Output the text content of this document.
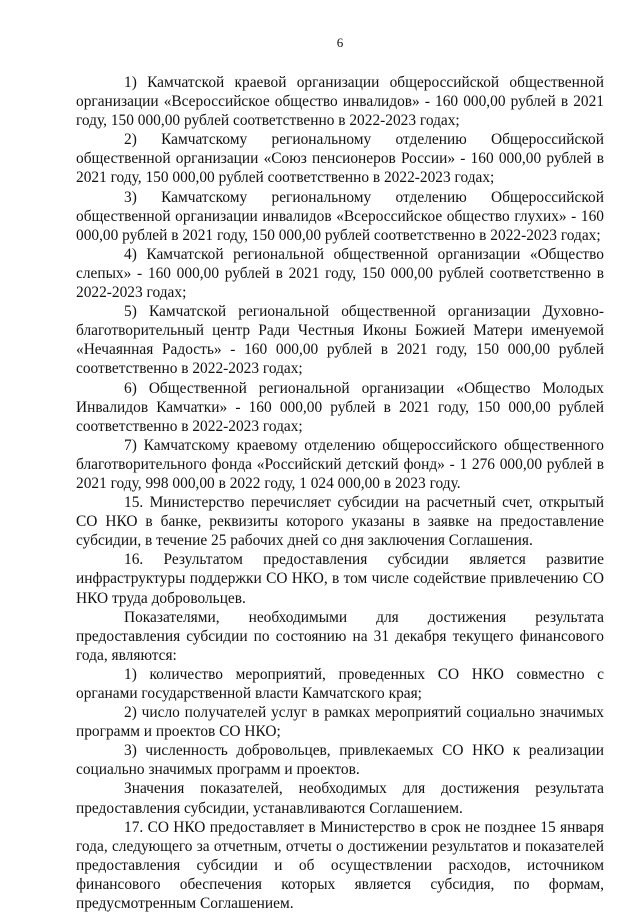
6

1) Камчатской краевой организации общероссийской общественной организации «Всероссийское общество инвалидов» - 160 000,00 рублей в 2021 году, 150 000,00 рублей соответственно в 2022-2023 годах;

2) Камчатскому региональному отделению Общероссийской общественной организации «Союз пенсионеров России» - 160 000,00 рублей в 2021 году, 150 000,00 рублей соответственно в 2022-2023 годах;

3) Камчатскому региональному отделению Общероссийской общественной организации инвалидов «Всероссийское общество глухих» - 160 000,00 рублей в 2021 году, 150 000,00 рублей соответственно в 2022-2023 годах;

4) Камчатской региональной общественной организации «Общество слепых» - 160 000,00 рублей в 2021 году, 150 000,00 рублей соответственно в 2022-2023 годах;

5) Камчатской региональной общественной организации Духовно-благотворительный центр Ради Честныя Иконы Божией Матери именуемой «Нечаянная Радость» - 160 000,00 рублей в 2021 году, 150 000,00 рублей соответственно в 2022-2023 годах;

6) Общественной региональной организации «Общество Молодых Инвалидов Камчатки» - 160 000,00 рублей в 2021 году, 150 000,00 рублей соответственно в 2022-2023 годах;

7) Камчатскому краевому отделению общероссийского общественного благотворительного фонда «Российский детский фонд» - 1 276 000,00 рублей в 2021 году, 998 000,00 в 2022 году, 1 024 000,00 в 2023 году.

15. Министерство перечисляет субсидии на расчетный счет, открытый СО НКО в банке, реквизиты которого указаны в заявке на предоставление субсидии, в течение 25 рабочих дней со дня заключения Соглашения.

16. Результатом предоставления субсидии является развитие инфраструктуры поддержки СО НКО, в том числе содействие привлечению СО НКО труда добровольцев.

Показателями, необходимыми для достижения результата предоставления субсидии по состоянию на 31 декабря текущего финансового года, являются:

1) количество мероприятий, проведенных СО НКО совместно с органами государственной власти Камчатского края;

2) число получателей услуг в рамках мероприятий социально значимых программ и проектов СО НКО;

3) численность добровольцев, привлекаемых СО НКО к реализации социально значимых программ и проектов.

Значения показателей, необходимых для достижения результата предоставления субсидии, устанавливаются Соглашением.

17. СО НКО предоставляет в Министерство в срок не позднее 15 января года, следующего за отчетным, отчеты о достижении результатов и показателей предоставления субсидии и об осуществлении расходов, источником финансового обеспечения которых является субсидия, по формам, предусмотренным Соглашением.
